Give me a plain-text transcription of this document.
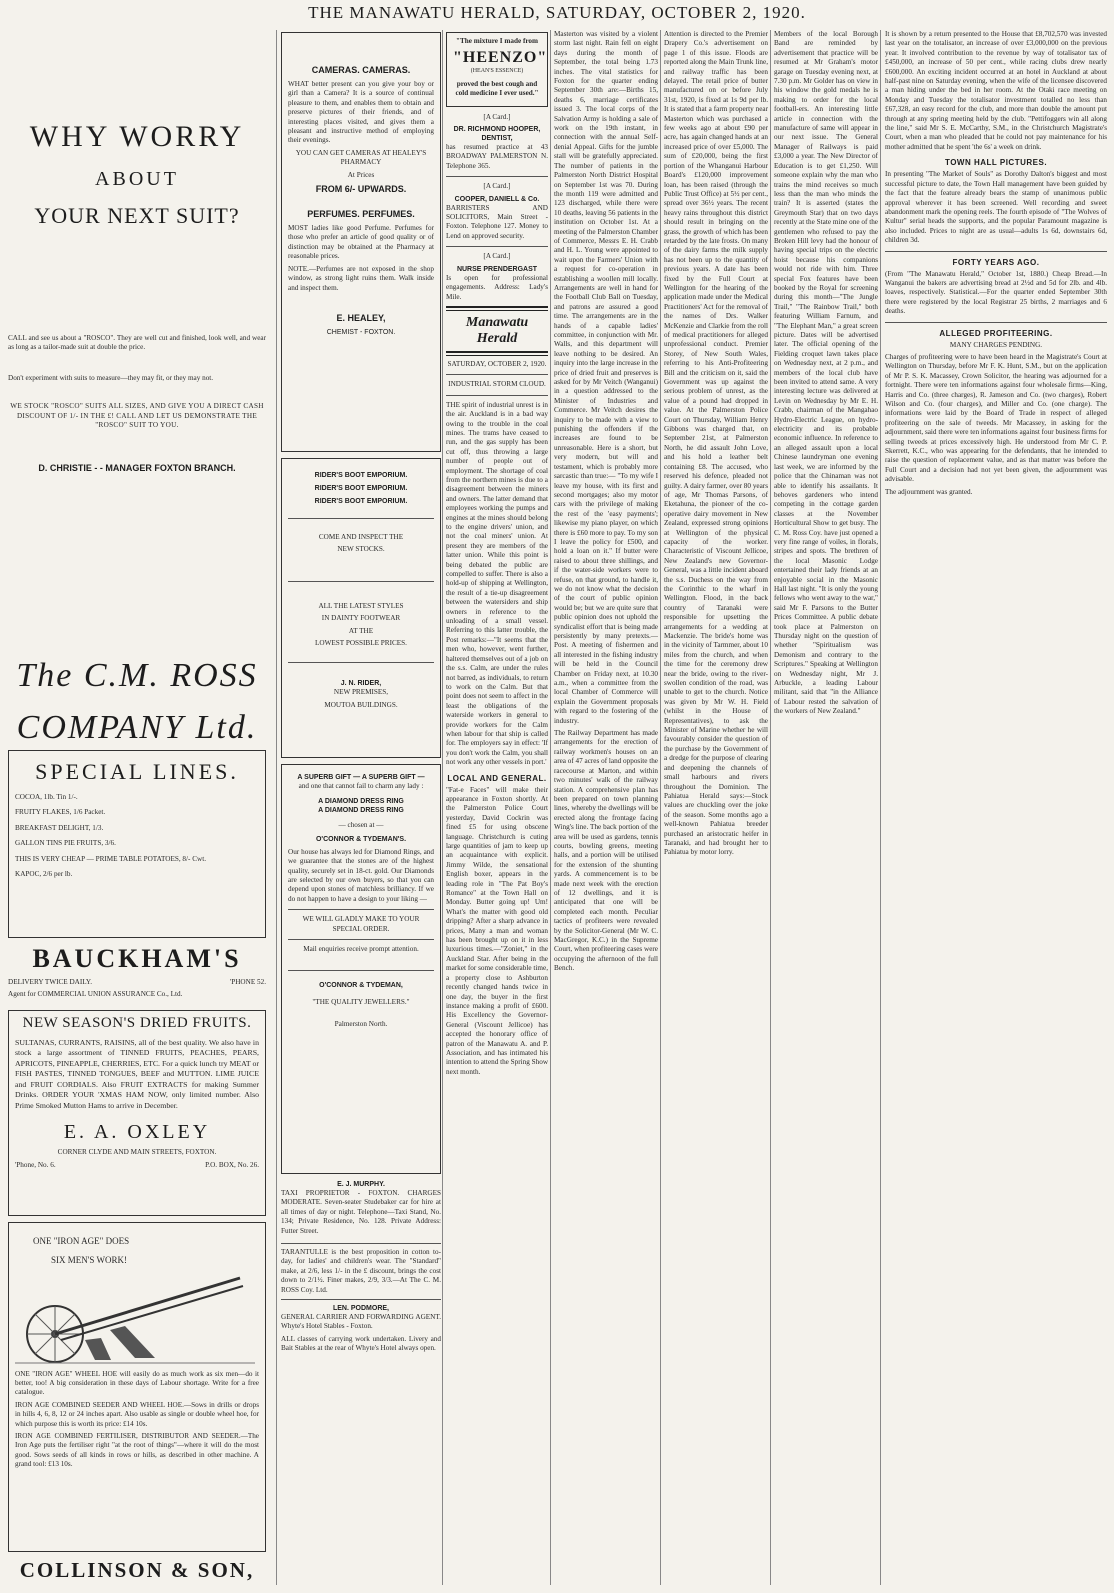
THE MANAWATU HERALD, SATURDAY, OCTOBER 2, 1920.
WHY WORRY
ABOUT
YOUR NEXT SUIT?

CALL and see us about a "ROSCO". They are well cut and finished, look well, and wear as long as a tailor-made suit at double the price.

Don't experiment with suits to measure—they may fit, or they may not.

WE STOCK "ROSCO" SUITS ALL SIZES, AND GIVE YOU A DIRECT CASH DISCOUNT OF 1/- IN THE £! CALL AND LET US DEMONSTRATE THE "ROSCO" SUIT TO YOU.

D. CHRISTIE - - MANAGER FOXTON BRANCH.
The C.M. ROSS COMPANY Ltd.
SPECIAL LINES.
COCOA, 1lb. Tin 1/-.
FRUITY FLAKES, 1/6 Packet.
BREAKFAST DELIGHT, 1/3.
GALLON TINS PIE FRUITS, 3/6.
THIS IS VERY CHEAP — PRIME TABLE POTATOES, 8/- Cwt.
KAPOC, 2/6 per lb.
BAUCKHAM'S
DELIVERY TWICE DAILY.	'PHONE 52.
Agent for COMMERCIAL UNION ASSURANCE Co., Ltd.
NEW SEASON'S DRIED FRUITS.

SULTANAS, CURRANTS, RAISINS, all of the best quality. We also have in stock a large assortment of TINNED FRUITS, PEACHES, PEARS, APRICOTS, PINEAPPLE, CHERRIES, ETC. For a quick lunch try MEAT or FISH PASTES, TINNED TONGUES, BEEF and MUTTON. LIME JUICE and FRUIT CORDIALS. Also FRUIT EXTRACTS for making Summer Drinks. ORDER YOUR 'XMAS HAM NOW, only limited number. Also Prime Smoked Mutton Hams to arrive in December.

E. A. OXLEY
CORNER CLYDE AND MAIN STREETS, FOXTON.
'Phone, No. 6.	P.O. BOX, No. 26.
ONE "IRON AGE" DOES
SIX MEN'S WORK!

ONE "IRON AGE" WHEEL HOE will easily do as much work as six men—do it better, too! A big consideration in these days of Labour shortage. Write for a free catalogue.

IRON AGE COMBINED SEEDER AND WHEEL HOE.—Sows in drills or drops in hills 4, 6, 8, 12 or 24 inches apart. Also usable as single or double wheel hoe, for which purpose this is worth its price: £14 10s.

IRON AGE COMBINED FERTILISER, DISTRIBUTOR AND SEEDER.—The Iron Age puts the fertiliser right "at the root of things"—where it will do the most good. Sows seeds of all kinds in rows or hills, as described in other machine. A grand tool: £13 10s.

COLLINSON & SON,
CAMERAS. CAMERAS.

WHAT better present can you give your boy or girl than a Camera? It is a source of continual pleasure to them, and enables them to obtain and preserve pictures of their friends, and of interesting places visited, and gives them a pleasant and instructive method of employing their evenings.

YOU CAN GET CAMERAS AT HEALEY'S PHARMACY

At Prices
FROM 6/- UPWARDS.
PERFUMES. PERFUMES.

MOST ladies like good Perfume. Perfumes for those who prefer an article of good quality or of distinction may be obtained at the Pharmacy at reasonable prices.

NOTE.—Perfumes are not exposed in the shop window, as strong light ruins them. Walk inside and inspect them.

E. HEALEY,
CHEMIST - FOXTON.
RIDER'S BOOT EMPORIUM.
RIDER'S BOOT EMPORIUM.
RIDER'S BOOT EMPORIUM.
COME AND INSPECT THE
NEW STOCKS.
ALL THE LATEST STYLES
IN DAINTY FOOTWEAR
AT THE
LOWEST POSSIBLE PRICES.
J. N. RIDER,
NEW PREMISES,
MOUTOA BUILDINGS.
A SUPERB GIFT — A SUPERB GIFT —
and one that cannot fail to charm any lady :
A DIAMOND DRESS RING
A DIAMOND DRESS RING
— chosen at —
O'CONNOR & TYDEMAN'S.

Our house has always led for Diamond Rings, and we guarantee that the stones are of the highest quality, securely set in 18-ct. gold. Our Diamonds are selected by our own buyers, so that you can depend upon stones of matchless brilliancy. If we do not happen to have a design to your liking —

WE WILL GLADLY MAKE TO YOUR SPECIAL ORDER.
Mail enquiries receive prompt attention.
O'CONNOR & TYDEMAN,
"THE QUALITY JEWELLERS."
Palmerston North.
E. J. MURPHY.

TAXI PROPRIETOR - FOXTON. CHARGES MODERATE. Seven-seater Studebaker car for hire at all times of day or night. Telephone—Taxi Stand, No. 134; Private Residence, No. 128. Private Address: Futter Street.

TARANTULLE is the best proposition in cotton to-day, for ladies' and children's wear. The "Standard" make, at 2/6, less 1/- in the £ discount, brings the cost down to 2/1½. Finer makes, 2/9, 3/3.—At The C. M. ROSS Coy. Ltd.

LEN. PODMORE,

GENERAL CARRIER AND FORWARDING AGENT. Whyte's Hotel Stables - Foxton.

ALL classes of carrying work undertaken. Livery and Bait Stables at the rear of Whyte's Hotel always open.

"The mixture I made from
"HEENZO"
(HEAN'S ESSENCE)
proved the best cough and cold medicine I ever used."
[A Card.]
DR. RICHMOND HOOPER, DENTIST,

has resumed practice at 43 BROADWAY PALMERSTON N. Telephone 365.

[A Card.]
COOPER, DANIELL & Co.

BARRISTERS AND SOLICITORS, Main Street - Foxton. Telephone 127. Money to Lend on approved security.

[A Card.]
NURSE PRENDERGAST

Is open for professional engagements. Address: Lady's Mile.

Manawatu Herald
SATURDAY, OCTOBER 2, 1920.
INDUSTRIAL STORM CLOUD.

THE spirit of industrial unrest is in the air. Auckland is in a bad way owing to the trouble in the coal mines. The trams have ceased to run, and the gas supply has been cut off, thus throwing a large number of people out of employment. The shortage of coal from the northern mines is due to a disagreement between the miners and owners. The latter demand that employees working the pumps and engines at the mines should belong to the engine drivers' union, and not the coal miners' union. At present they are members of the latter union. While this point is being debated the public are compelled to suffer. There is also a hold-up of shipping at Wellington, the result of a tie-up disagreement between the watersiders and ship owners in reference to the unloading of a small vessel. Referring to this latter trouble, the Post remarks:—"It seems that the men who, however, went further, haltered themselves out of a job on the s.s. Calm, are under the rules not barred, as individuals, to return to work on the Calm. But that point does not seem to affect in the least the obligations of the waterside workers in general to provide workers for the Calm when labour for that ship is called for. The employers say in effect: 'If you don't work the Calm, you shall not work any other vessels in port.'

LOCAL AND GENERAL.

"Fat-e Faces" will make their appearance in Foxton shortly. At the Palmerston Police Court yesterday, David Cockrin was fined £5 for using obscene language. Christchurch is cuting large quantities of jam to keep up an acquaintance with explicit. Jimmy Wilde, the sensational English boxer, appears in the leading role in "The Pat Boy's Romance" at the Town Hall on Monday. Butter going up! Um! What's the matter with good old dripping? After a sharp advance in prices, Many a man and woman has been brought up on it in less luxurious times.—"Zoniet," in the Auckland Star. After being in the market for some considerable time, a property close to Ashburton recently changed hands twice in one day, the buyer in the first instance making a profit of £600. His Excellency the Governor-General (Viscount Jellicoe) has accepted the honorary office of patron of the Manawatu A. and P. Association, and has intimated his intention to attend the Spring Show next month.

Masterton was visited by a violent storm last night. Rain fell on eight days during the month of September, the total being 1.73 inches. The vital statistics for Foxton for the quarter ending September 30th are:—Births 15, deaths 6, marriage certificates issued 3. The local corps of the Salvation Army is holding a sale of work on the 19th instant, in connection with the annual Self-denial Appeal. Gifts for the jumble stall will be gratefully appreciated. The number of patients in the Palmerston North District Hospital on September 1st was 70. During the month 119 were admitted and 123 discharged, while there were 10 deaths, leaving 56 patients in the institution on October 1st. At a meeting of the Palmerston Chamber of Commerce, Messrs E. H. Crabb and H. L. Young were appointed to wait upon the Farmers' Union with a request for co-operation in establishing a woollen mill locally. Arrangements are well in hand for the Football Club Ball on Tuesday, and patrons are assured a good time. The arrangements are in the hands of a capable ladies' committee, in conjunction with Mr. Walls, and this department will leave nothing to be desired. An inquiry into the large increase in the price of dried fruit and preserves is asked for by Mr Veitch (Wanganui) in a question addressed to the Minister of Industries and Commerce. Mr Veitch desires the inquiry to be made with a view to punishing the offenders if the increases are found to be unreasonable. Here is a short, but very modern, but will and testament, which is probably more sarcastic than true:— "To my wife I leave my house, with its first and second mortgages; also my motor cars with the privilege of making the rest of the 'easy payments'; likewise my piano player, on which there is £60 more to pay. To my son I leave the policy for £500, and hold a loan on it." If butter were raised to about three shillings, and if the water-side workers were to refuse, on that ground, to handle it, we do not know what the decision of the court of public opinion would be; but we are quite sure that public opinion does not uphold the syndicalist effort that is being made persistently by many pretexts.—Post. A meeting of fishermen and all interested in the fishing industry will be held in the Council Chamber on Friday next, at 10.30 a.m., when a committee from the local Chamber of Commerce will explain the Government proposals with regard to the fostering of the industry.

The Railway Department has made arrangements for the erection of railway workmen's houses on an area of 47 acres of land opposite the racecourse at Marton, and within two minutes' walk of the railway station. A comprehensive plan has been prepared on town planning lines, whereby the dwellings will be erected along the frontage facing Wing's line. The back portion of the area will be used as gardens, tennis courts, bowling greens, meeting halls, and a portion will be utilised for the extension of the shunting yards. A commencement is to be made next week with the erection of 12 dwellings, and it is anticipated that one will be completed each month. Peculiar tactics of profiteers were revealed by the Solicitor-General (Mr W. C. MacGregor, K.C.) in the Supreme Court, when profiteering cases were occupying the afternoon of the full Bench.

Attention is directed to the Premier Drapery Co.'s advertisement on page 1 of this issue. Floods are reported along the Main Trunk line, and railway traffic has been delayed. The retail price of butter manufactured on or before July 31st, 1920, is fixed at 1s 9d per lb. It is stated that a farm property near Masterton which was purchased a few weeks ago at about £90 per acre, has again changed hands at an increased price of over £5,000. The sum of £20,000, being the first portion of the Whanganui Harbour Board's £120,000 improvement loan, has been raised (through the Public Trust Office) at 5½ per cent., spread over 36½ years. The recent heavy rains throughout this district should result in bringing on the grass, the growth of which has been retarded by the late frosts. On many of the dairy farms the milk supply has not been up to the quantity of previous years. A date has been fixed by the Full Court at Wellington for the hearing of the application made under the Medical Practitioners' Act for the removal of the names of Drs. Walker McKenzie and Clarkie from the roll of medical practitioners for alleged unprofessional conduct. Premier Storey, of New South Wales, referring to his Anti-Profiteering Bill and the criticism on it, said the Government was up against the serious problem of unrest, as the value of a pound had dropped in value. At the Palmerston Police Court on Thursday, William Henry Gibbons was charged that, on September 21st, at Palmerston North, he did assault John Love, and his hold a leather belt containing £8. The accused, who reserved his defence, pleaded not guilty. A dairy farmer, over 80 years of age, Mr Thomas Parsons, of Eketahuna, the pioneer of the co-operative dairy movement in New Zealand, expressed strong opinions at Wellington of the physical capacity of the worker. Characteristic of Viscount Jellicoe, New Zealand's new Governor-General, was a little incident aboard the s.s. Duchess on the way from the Corinthic to the wharf in Wellington. Flood, in the back country of Taranaki were responsible for upsetting the arrangements for a wedding at Mackenzie. The bride's home was in the vicinity of Tarmmer, about 10 miles from the church, and when the time for the ceremony drew near the bride, owing to the river-swollen condition of the road, was unable to get to the church. Notice was given by Mr W. H. Field (whilst in the House of Representatives), to ask the Minister of Marine whether he will favourably consider the question of the purchase by the Government of a dredge for the purpose of clearing and deepening the channels of small harbours and rivers throughout the Dominion. The Pahiatua Herald says:—Stock values are chuckling over the joke of the season. Some months ago a well-known Pahiatua breeder purchased an aristocratic heifer in Taranaki, and had brought her to Pahiatua by motor lorry.

Members of the local Borough Band are reminded by advertisement that practice will be resumed at Mr Graham's motor garage on Tuesday evening next, at 7.30 p.m. Mr Golder has on view in his window the gold medals he is making to order for the local football-ers. An interesting little article in connection with the manufacture of same will appear in our next issue. The General Manager of Railways is paid £3,000 a year. The New Director of Education is to get £1,250. Will someone explain why the man who trains the mind receives so much less than the man who minds the train? It is asserted (states the Greymouth Star) that on two days recently at the State mine one of the gentlemen who refused to pay the Broken Hill levy had the honour of having special trips on the electric hoist because his companions would not ride with him. Three special Fox features have been booked by the Royal for screening during this month—"The Jungle Trail," "The Rainbow Trail," both featuring William Farnum, and "The Elephant Man," a great screen picture. Dates will be advertised later. The official opening of the Fielding croquet lawn takes place on Wednesday next, at 2 p.m., and members of the local club have been invited to attend same. A very interesting lecture was delivered at Levin on Wednesday by Mr E. H. Crabb, chairman of the Mangahao Hydro-Electric League, on hydro-electricity and its probable economic influence. In reference to an alleged assault upon a local Chinese laundryman one evening last week, we are informed by the police that the Chinaman was not able to identify his assailants. It behoves gardeners who intend competing in the cottage garden classes at the November Horticultural Show to get busy. The C. M. Ross Coy. have just opened a very fine range of voiles, in florals, stripes and spots. The brethren of the local Masonic Lodge entertained their lady friends at an enjoyable social in the Masonic Hall last night. "It is only the young fellows who went away to the war," said Mr F. Parsons to the Butter Prices Committee. A public debate took place at Palmerston on Thursday night on the question of whether "Spiritualism was Demonism and contrary to the Scriptures." Speaking at Wellington on Wednesday night, Mr J. Arbuckle, a leading Labour militant, said that "in the Alliance of Labour rested the salvation of the workers of New Zealand."

It is shown by a return presented to the House that £8,702,570 was invested last year on the totalisator, an increase of over £3,000,000 on the previous year. It involved contribution to the revenue by way of totalisator tax of £450,000, an increase of 50 per cent., while racing clubs drew nearly £600,000. An exciting incident occurred at an hotel in Auckland at about half-past nine on Saturday evening, when the wife of the licensee discovered a man hiding under the bed in her room. At the Otaki race meeting on Monday and Tuesday the totalisator investment totalled no less than £67,328, an easy record for the club, and more than double the amount put through at any spring meeting held by the club. "Pettifoggers win all along the line," said Mr S. E. McCarthy, S.M., in the Christchurch Magistrate's Court, when a man who pleaded that he could not pay maintenance for his mother admitted that he spent 'the 6s' a week on drink.

TOWN HALL PICTURES.

In presenting "The Market of Souls" as Dorothy Dalton's biggest and most successful picture to date, the Town Hall management have been guided by the fact that the feature already bears the stamp of unanimous public approval wherever it has been screened. Well recording and sweet abandonment mark the opening reels. The fourth episode of "The Wolves of Kultur" serial heads the supports, and the popular Paramount magazine is also included. Prices to night are as usual—adults 1s 6d, downstairs 6d, children 3d.

FORTY YEARS AGO.

(From "The Manawatu Herald," October 1st, 1880.) Cheap Bread.—In Wanganui the bakers are advertising bread at 2½d and 5d for 2lb. and 4lb. loaves, respectively. Statistical.—For the quarter ended September 30th there were registered by the local Registrar 25 births, 2 marriages and 6 deaths.

ALLEGED PROFITEERING.
MANY CHARGES PENDING.

Charges of profiteering were to have been heard in the Magistrate's Court at Wellington on Thursday, before Mr F. K. Hunt, S.M., but on the application of Mr P. S. K. Macassey, Crown Solicitor, the hearing was adjourned for a fortnight. There were ten informations against four wholesale firms—King, Harris and Co. (three charges), R. Jameson and Co. (two charges), Robert Wilson and Co. (four charges), and Miller and Co. (one charge). The informations were laid by the Board of Trade in respect of alleged profiteering on the sale of tweeds. Mr Macassey, in asking for the adjournment, said there were ten informations against four business firms for selling tweeds at prices excessively high. He understood from Mr C. P. Skerrett, K.C., who was appearing for the defendants, that he intended to raise the question of replacement value, and as that matter was before the Full Court and a decision had not yet been given, the adjournment was advisable.

The adjournment was granted.
